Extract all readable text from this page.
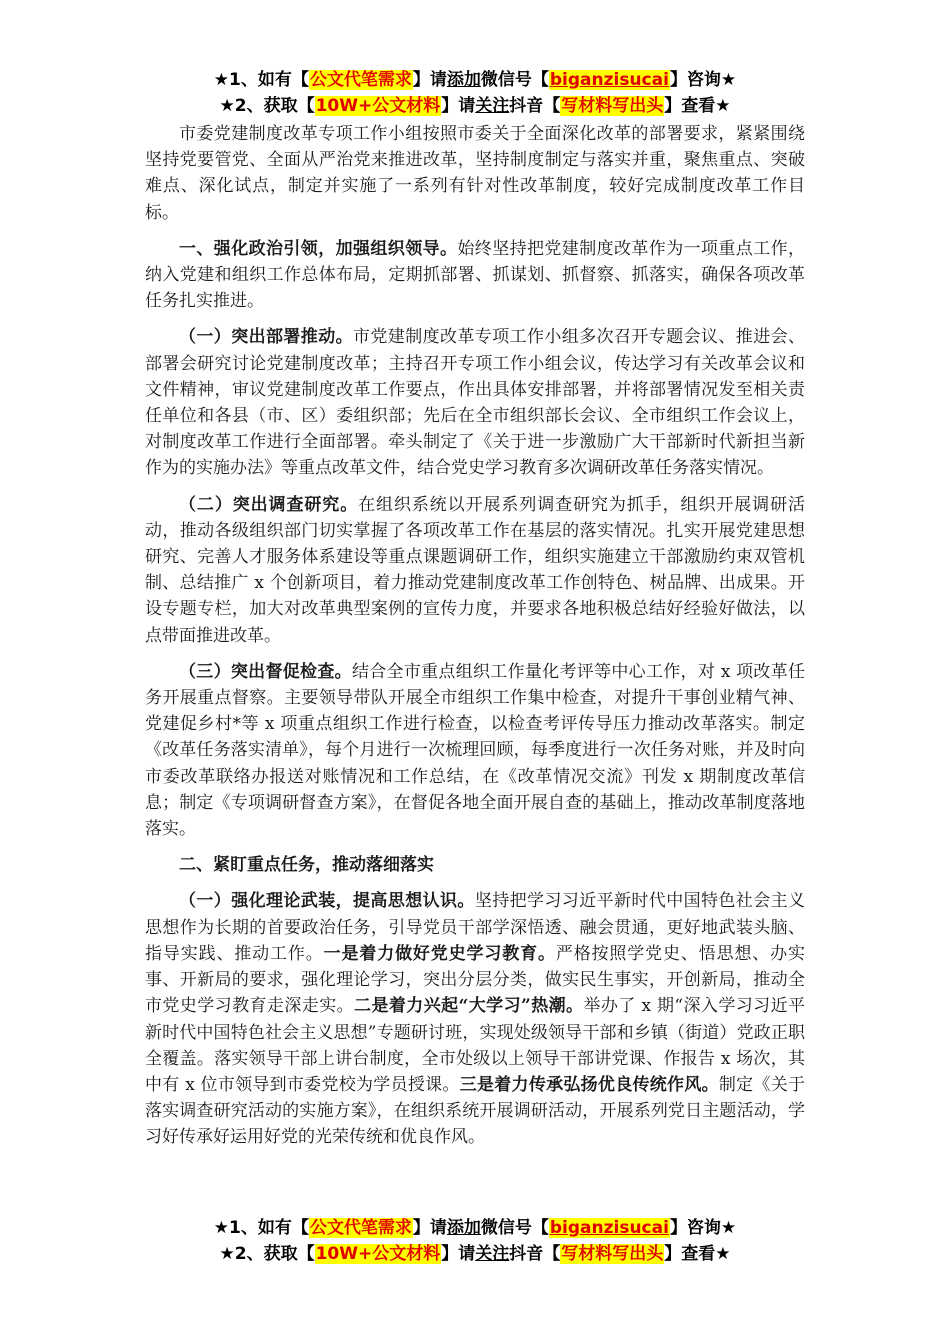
★1、如有【公文代笔需求】请添加微信号【biganzisucai】咨询★
★2、获取【10W+公文材料】请关注抖音【写材料写出头】查看★

市委党建制度改革专项工作小组按照市委关于全面深化改革的部署要求，紧紧围绕坚持党要管党、全面从严治党来推进改革，坚持制度制定与落实并重，聚焦重点、突破难点、深化试点，制定并实施了一系列有针对性改革制度，较好完成制度改革工作目标。

一、强化政治引领，加强组织领导。始终坚持把党建制度改革作为一项重点工作，纳入党建和组织工作总体布局，定期抓部署、抓谋划、抓督察、抓落实，确保各项改革任务扎实推进。

（一）突出部署推动。市党建制度改革专项工作小组多次召开专题会议、推进会、部署会研究讨论党建制度改革；主持召开专项工作小组会议，传达学习有关改革会议和文件精神，审议党建制度改革工作要点，作出具体安排部署，并将部署情况发至相关责任单位和各县（市、区）委组织部；先后在全市组织部长会议、全市组织工作会议上，对制度改革工作进行全面部署。牵头制定了《关于进一步激励广大干部新时代新担当新作为的实施办法》等重点改革文件，结合党史学习教育多次调研改革任务落实情况。

（二）突出调查研究。在组织系统以开展系列调查研究为抓手，组织开展调研活动，推动各级组织部门切实掌握了各项改革工作在基层的落实情况。扎实开展党建思想研究、完善人才服务体系建设等重点课题调研工作，组织实施建立干部激励约束双管机制、总结推广 x 个创新项目，着力推动党建制度改革工作创特色、树品牌、出成果。开设专题专栏，加大对改革典型案例的宣传力度，并要求各地积极总结好经验好做法，以点带面推进改革。

（三）突出督促检查。结合全市重点组织工作量化考评等中心工作，对 x 项改革任务开展重点督察。主要领导带队开展全市组织工作集中检查，对提升干事创业精气神、党建促乡村*等 x 项重点组织工作进行检查，以检查考评传导压力推动改革落实。制定《改革任务落实清单》，每个月进行一次梳理回顾，每季度进行一次任务对账，并及时向市委改革联络办报送对账情况和工作总结，在《改革情况交流》刊发 x 期制度改革信息；制定《专项调研督查方案》，在督促各地全面开展自查的基础上，推动改革制度落地落实。

二、紧盯重点任务，推动落细落实

（一）强化理论武装，提高思想认识。坚持把学习习近平新时代中国特色社会主义思想作为长期的首要政治任务，引导党员干部学深悟透、融会贯通，更好地武装头脑、指导实践、推动工作。一是着力做好党史学习教育。严格按照学党史、悟思想、办实事、开新局的要求，强化理论学习，突出分层分类，做实民生事实，开创新局，推动全市党史学习教育走深走实。二是着力兴起“大学习”热潮。举办了 x 期“深入学习习近平新时代中国特色社会主义思想”专题研讨班，实现处级领导干部和乡镇（街道）党政正职全覆盖。落实领导干部上讲台制度，全市处级以上领导干部讲党课、作报告 x 场次，其中有 x 位市领导到市委党校为学员授课。三是着力传承弘扬优良传统作风。制定《关于落实调查研究活动的实施方案》，在组织系统开展调研活动，开展系列党日主题活动，学习好传承好运用好党的光荣传统和优良作风。

★1、如有【公文代笔需求】请添加微信号【biganzisucai】咨询★
★2、获取【10W+公文材料】请关注抖音【写材料写出头】查看★
